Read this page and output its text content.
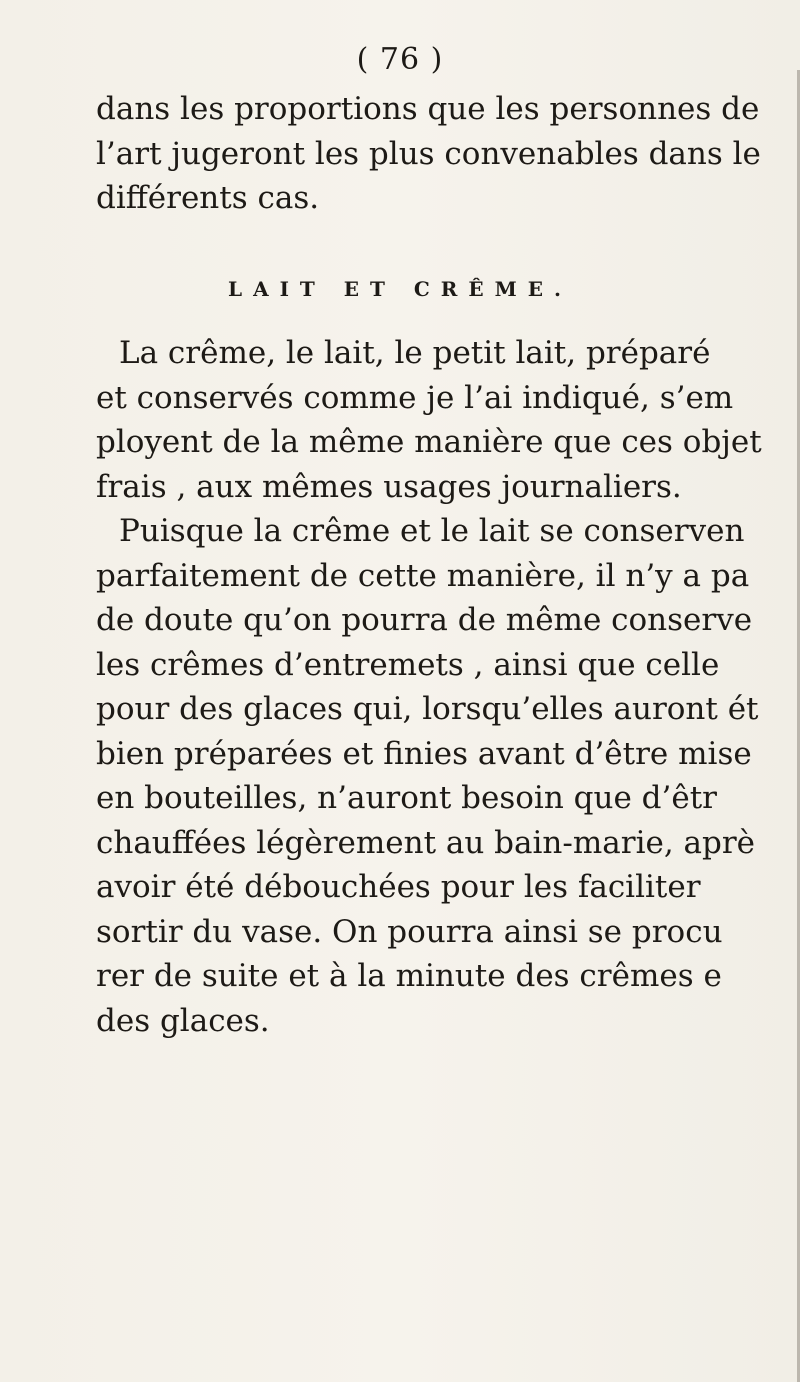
( 76 )
dans les proportions que les personnes de
l’art jugeront les plus convenables dans le
différents cas.
LAIT ET CRÊME.
La crême, le lait, le petit lait, préparé
et conservés comme je l’ai indiqué, s’em
ployent de la même manière que ces objet
frais , aux mêmes usages journaliers.
Puisque la crême et le lait se conserven
parfaitement de cette manière, il n’y a pa
de doute qu’on pourra de même conserve
les crêmes d’entremets , ainsi que celle
pour des glaces qui, lorsqu’elles auront ét
bien préparées et finies avant d’être mise
en bouteilles, n’auront besoin que d’êtr
chauffées légèrement au bain-marie, aprè
avoir été débouchées pour les faciliter
sortir du vase. On pourra ainsi se procu
rer de suite et à la minute des crêmes e
des glaces.
